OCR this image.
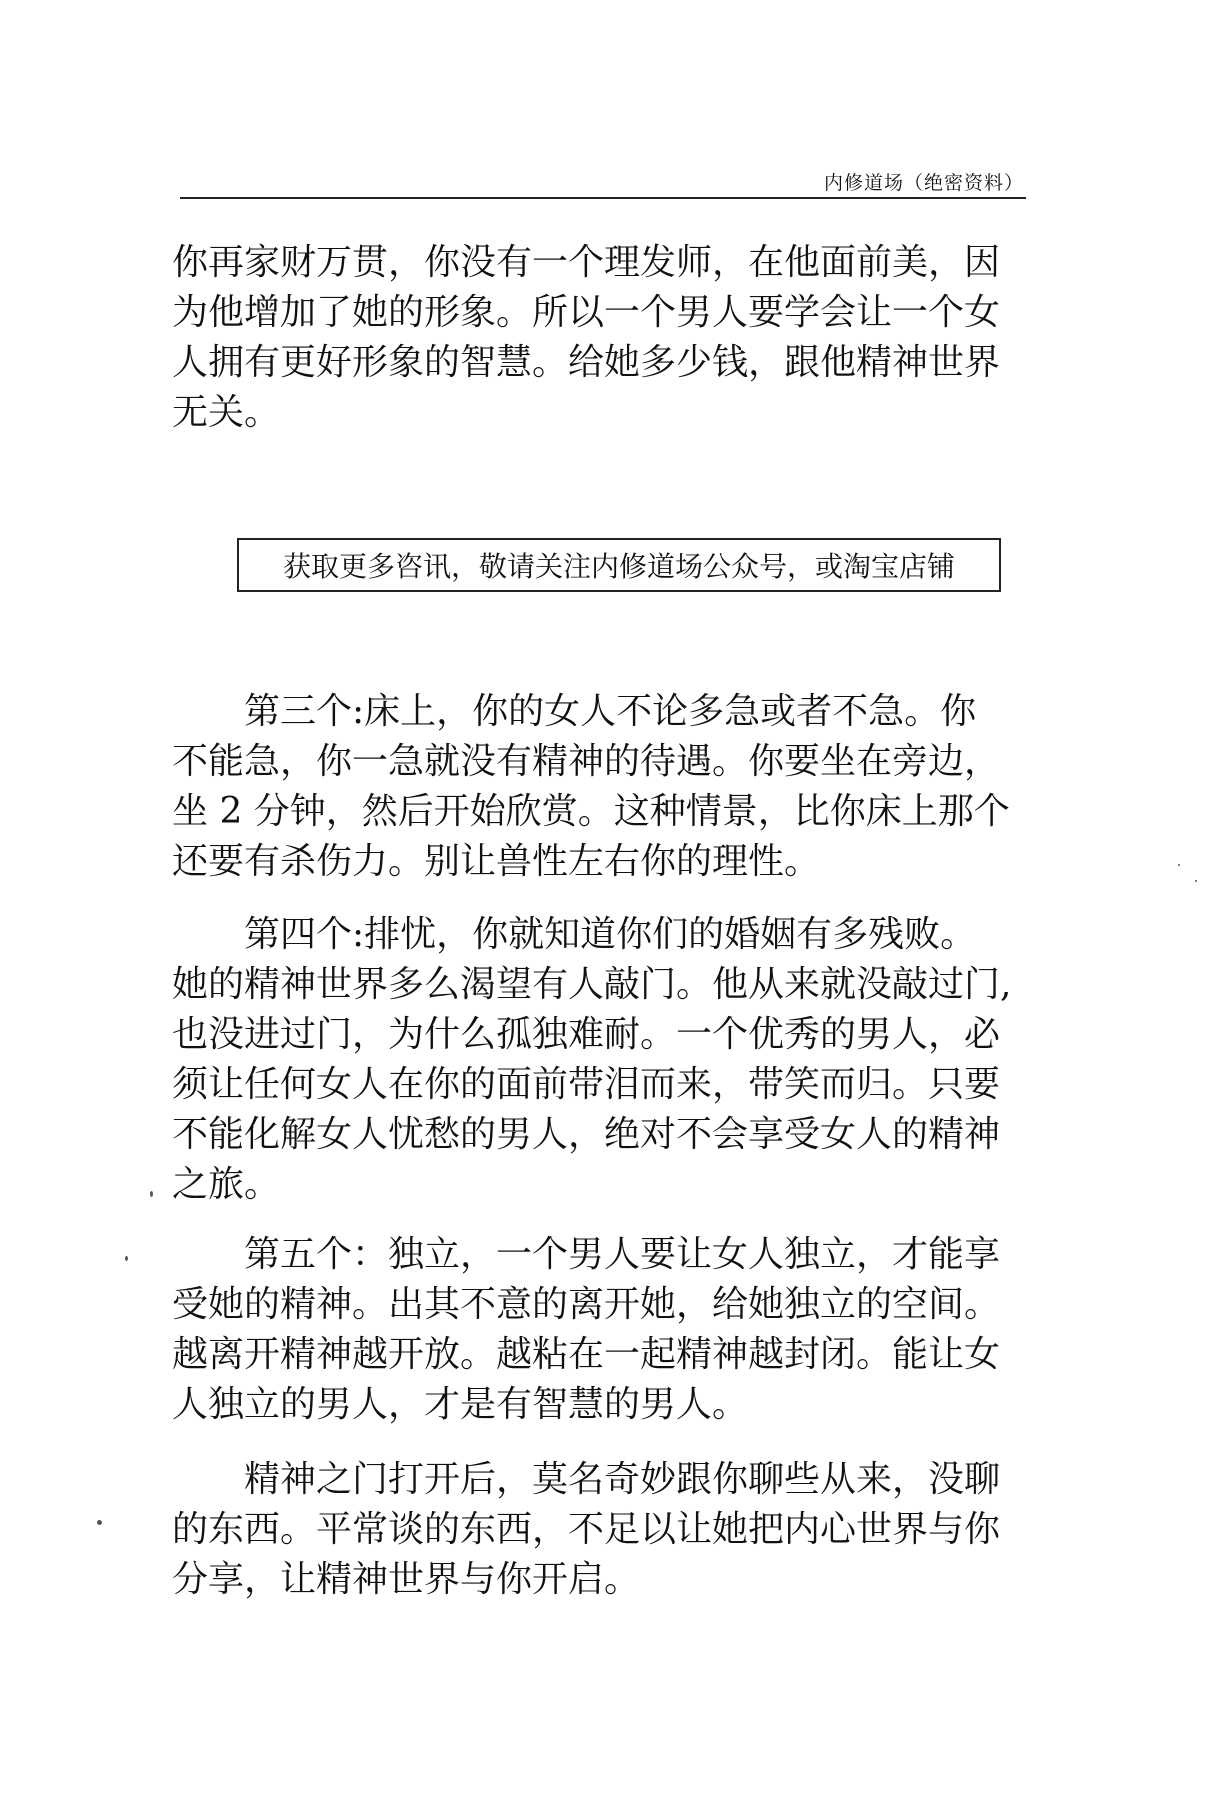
内修道场（绝密资料）

你再家财万贯，你没有一个理发师，在他面前美，因
为他增加了她的形象。所以一个男人要学会让一个女
人拥有更好形象的智慧。给她多少钱，跟他精神世界
无关。

获取更多咨讯，敬请关注内修道场公众号，或淘宝店铺

　　第三个:床上，你的女人不论多急或者不急。你
不能急，你一急就没有精神的待遇。你要坐在旁边，
坐 2 分钟，然后开始欣赏。这种情景，比你床上那个
还要有杀伤力。别让兽性左右你的理性。

　　第四个:排忧，你就知道你们的婚姻有多残败。
她的精神世界多么渴望有人敲门。他从来就没敲过门,
也没进过门，为什么孤独难耐。一个优秀的男人，必
须让任何女人在你的面前带泪而来，带笑而归。只要
不能化解女人忧愁的男人，绝对不会享受女人的精神
之旅。

　　第五个：独立，一个男人要让女人独立，才能享
受她的精神。出其不意的离开她，给她独立的空间。
越离开精神越开放。越粘在一起精神越封闭。能让女
人独立的男人，才是有智慧的男人。

　　精神之门打开后，莫名奇妙跟你聊些从来，没聊
的东西。平常谈的东西，不足以让她把内心世界与你
分享，让精神世界与你开启。
